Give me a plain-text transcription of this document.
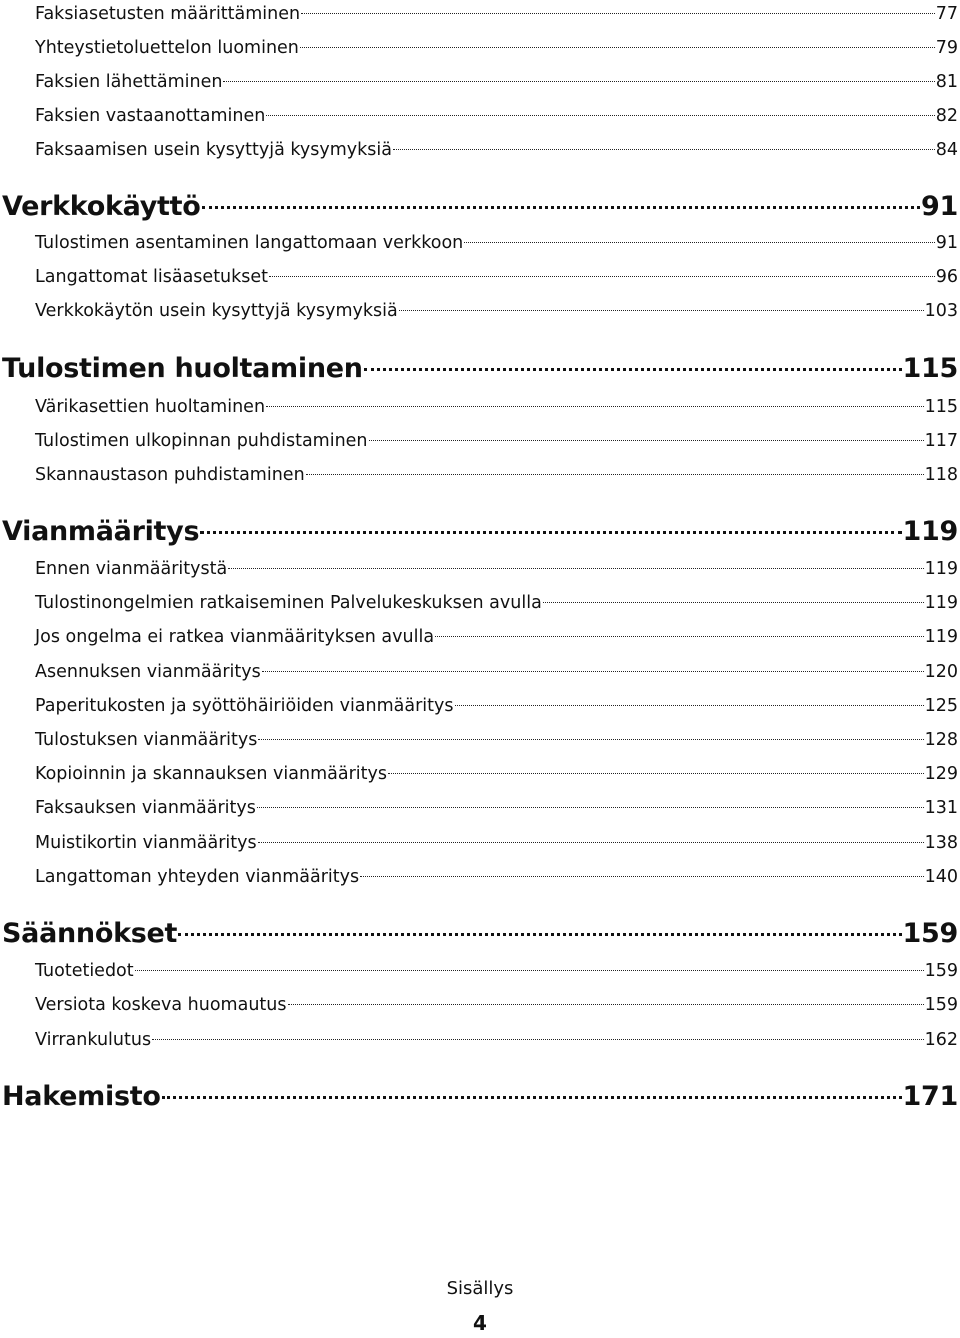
Faksiasetusten määrittäminen	77
Yhteystietoluettelon luominen	79
Faksien lähettäminen	81
Faksien vastaanottaminen	82
Faksaamisen usein kysyttyjä kysymyksiä	84
Verkkokäyttö	91
Tulostimen asentaminen langattomaan verkkoon	91
Langattomat lisäasetukset	96
Verkkokäytön usein kysyttyjä kysymyksiä	103
Tulostimen huoltaminen	115
Värikasettien huoltaminen	115
Tulostimen ulkopinnan puhdistaminen	117
Skannaustason puhdistaminen	118
Vianmääritys	119
Ennen vianmääritystä	119
Tulostinongelmien ratkaiseminen Palvelukeskuksen avulla	119
Jos ongelma ei ratkea vianmäärityksen avulla	119
Asennuksen vianmääritys	120
Paperitukosten ja syöttöhäiriöiden vianmääritys	125
Tulostuksen vianmääritys	128
Kopioinnin ja skannauksen vianmääritys	129
Faksauksen vianmääritys	131
Muistikortin vianmääritys	138
Langattoman yhteyden vianmääritys	140
Säännökset	159
Tuotetiedot	159
Versiota koskeva huomautus	159
Virrankulutus	162
Hakemisto	171
Sisällys
4
